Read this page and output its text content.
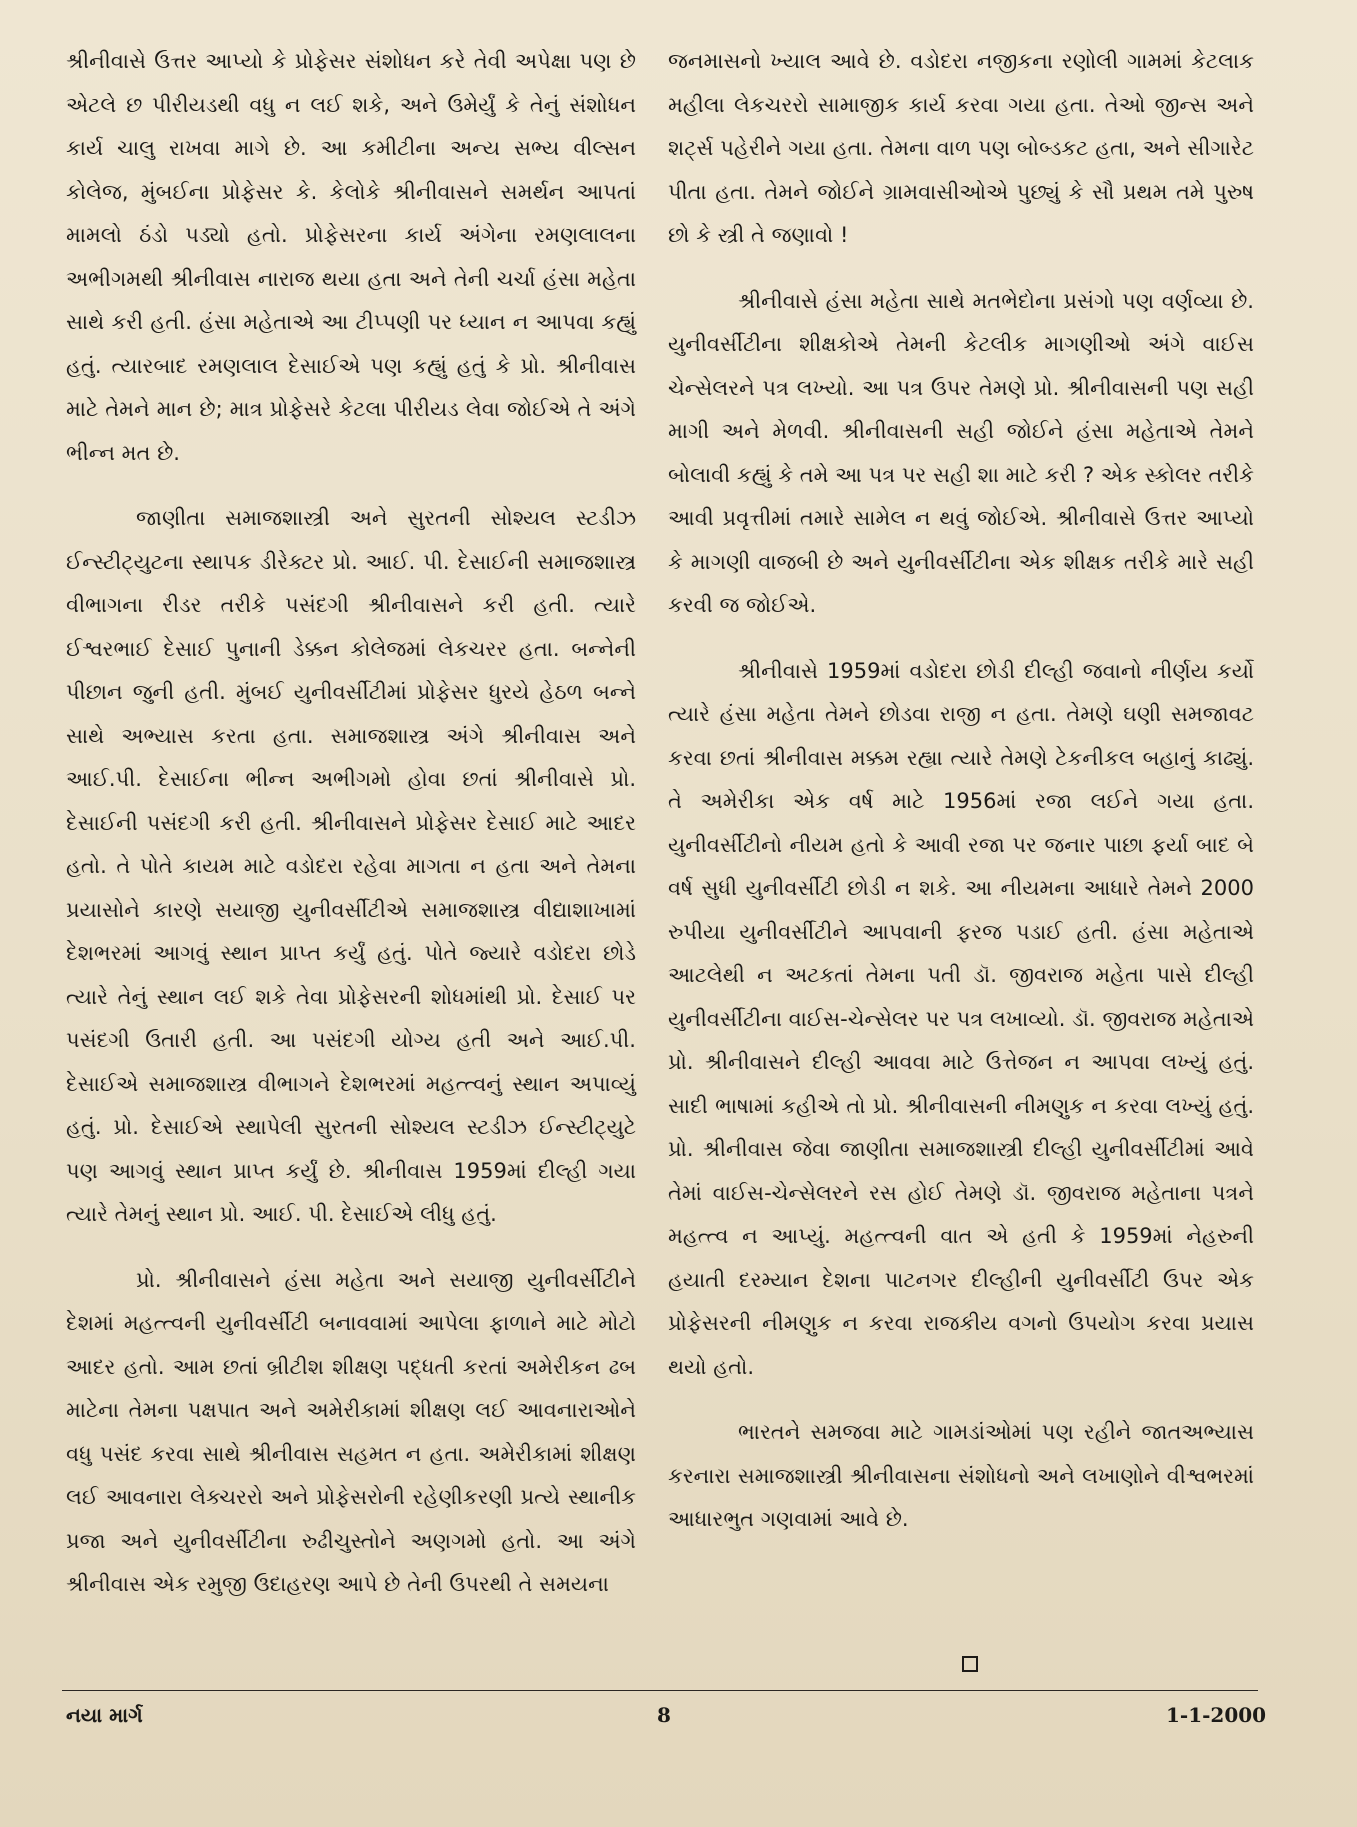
શ્રીનીવાસે ઉત્તર આપ્યો કે પ્રોફેસર સંશોધન કરે તેવી અપેક્ષા પણ છે એટલે છ પીરીયડથી વધુ ન લઈ શકે, અને ઉમેર્યું કે તેનું સંશોધન કાર્ય ચાલુ રાખવા માગે છે. આ કમીટીના અન્ય સભ્ય વીલ્સન કોલેજ, મુંબઈના પ્રોફેસર કે. કેલોકે શ્રીનીવાસને સમર્થન આપતાં મામલો ઠંડો પડ્યો હતો. પ્રોફેસરના કાર્ય અંગેના રમણલાલના અભીગમથી શ્રીનીવાસ નારાજ થયા હતા અને તેની ચર્ચા હંસા મહેતા સાથે કરી હતી. હંસા મહેતાએ આ ટીપ્પણી પર ધ્યાન ન આપવા કહ્યું હતું. ત્યારબાદ રમણલાલ દેસાઈએ પણ કહ્યું હતું કે પ્રો. શ્રીનીવાસ માટે તેમને માન છે; માત્ર પ્રોફેસરે કેટલા પીરીયડ લેવા જોઈએ તે અંગે ભીન્ન મત છે.

જાણીતા સમાજશાસ્ત્રી અને સુરતની સોશ્યલ સ્ટડીઝ ઈન્સ્ટીટ્યુટના સ્થાપક ડીરેક્ટર પ્રો. આઈ. પી. દેસાઈની સમાજશાસ્ત્ર વીભાગના રીડર તરીકે પસંદગી શ્રીનીવાસને કરી હતી. ત્યારે ઈશ્વરભાઈ દેસાઈ પુનાની ડેક્કન કોલેજમાં લેકચરર હતા. બન્નેની પીછાન જુની હતી. મુંબઈ યુનીવર્સીટીમાં પ્રોફેસર ધુરયે હેઠળ બન્ને સાથે અભ્યાસ કરતા હતા. સમાજશાસ્ત્ર અંગે શ્રીનીવાસ અને આઈ.પી. દેસાઈના ભીન્ન અભીગમો હોવા છતાં શ્રીનીવાસે પ્રો. દેસાઈની પસંદગી કરી હતી. શ્રીનીવાસને પ્રોફેસર દેસાઈ માટે આદર હતો. તે પોતે કાયમ માટે વડોદરા રહેવા માગતા ન હતા અને તેમના પ્રયાસોને કારણે સયાજી યુનીવર્સીટીએ સમાજશાસ્ત્ર વીદ્યાશાખામાં દેશભરમાં આગવું સ્થાન પ્રાપ્ત કર્યું હતું. પોતે જ્યારે વડોદરા છોડે ત્યારે તેનું સ્થાન લઈ શકે તેવા પ્રોફેસરની શોધમાંથી પ્રો. દેસાઈ પર પસંદગી ઉતારી હતી. આ પસંદગી યોગ્ય હતી અને આઈ.પી. દેસાઈએ સમાજશાસ્ત્ર વીભાગને દેશભરમાં મહત્ત્વનું સ્થાન અપાવ્યું હતું. પ્રો. દેસાઈએ સ્થાપેલી સુરતની સોશ્યલ સ્ટડીઝ ઈન્સ્ટીટ્યુટે પણ આગવું સ્થાન પ્રાપ્ત કર્યું છે. શ્રીનીવાસ 1959માં દીલ્હી ગયા ત્યારે તેમનું સ્થાન પ્રો. આઈ. પી. દેસાઈએ લીધુ હતું.

પ્રો. શ્રીનીવાસને હંસા મહેતા અને સયાજી યુનીવર્સીટીને દેશમાં મહત્ત્વની યુનીવર્સીટી બનાવવામાં આપેલા ફાળાને માટે મોટો આદર હતો. આમ છતાં બ્રીટીશ શીક્ષણ પદ્ધતી કરતાં અમેરીકન ઢબ માટેના તેમના પક્ષપાત અને અમેરીકામાં શીક્ષણ લઈ આવનારાઓને વધુ પસંદ કરવા સાથે શ્રીનીવાસ સહમત ન હતા. અમેરીકામાં શીક્ષણ લઈ આવનારા લેક્ચરરો અને પ્રોફેસરોની રહેણીકરણી પ્રત્યે સ્થાનીક પ્રજા અને યુનીવર્સીટીના રુઢીચુસ્તોને અણગમો હતો. આ અંગે શ્રીનીવાસ એક રમુજી ઉદાહરણ આપે છે તેની ઉપરથી તે સમયના

જનમાસનો ખ્યાલ આવે છે. વડોદરા નજીકના રણોલી ગામમાં કેટલાક મહીલા લેકચરરો સામાજીક કાર્ય કરવા ગયા હતા. તેઓ જીન્સ અને શર્ટ્સ પહેરીને ગયા હતા. તેમના વાળ પણ બોબ્ડકટ હતા, અને સીગારેટ પીતા હતા. તેમને જોઈને ગ્રામવાસીઓએ પુછ્યું કે સૌ પ્રથમ તમે પુરુષ છો કે સ્ત્રી તે જણાવો !

શ્રીનીવાસે હંસા મહેતા સાથે મતભેદોના પ્રસંગો પણ વર્ણવ્યા છે. યુનીવર્સીટીના શીક્ષકોએ તેમની કેટલીક માગણીઓ અંગે વાઈસ ચેન્સેલરને પત્ર લખ્યો. આ પત્ર ઉપર તેમણે પ્રો. શ્રીનીવાસની પણ સહી માગી અને મેળવી. શ્રીનીવાસની સહી જોઈને હંસા મહેતાએ તેમને બોલાવી કહ્યું કે તમે આ પત્ર પર સહી શા માટે કરી ? એક સ્કોલર તરીકે આવી પ્રવૃત્તીમાં તમારે સામેલ ન થવું જોઈએ. શ્રીનીવાસે ઉત્તર આપ્યો કે માગણી વાજબી છે અને યુનીવર્સીટીના એક શીક્ષક તરીકે મારે સહી કરવી જ જોઈએ.

શ્રીનીવાસે 1959માં વડોદરા છોડી દીલ્હી જવાનો નીર્ણય કર્યો ત્યારે હંસા મહેતા તેમને છોડવા રાજી ન હતા. તેમણે ઘણી સમજાવટ કરવા છતાં શ્રીનીવાસ મક્કમ રહ્યા ત્યારે તેમણે ટેકનીકલ બહાનું કાઢ્યું. તે અમેરીકા એક વર્ષ માટે 1956માં રજા લઈને ગયા હતા. યુનીવર્સીટીનો નીયમ હતો કે આવી રજા પર જનાર પાછા ફર્યા બાદ બે વર્ષ સુધી યુનીવર્સીટી છોડી ન શકે. આ નીયમના આધારે તેમને 2000 રુપીયા યુનીવર્સીટીને આપવાની ફરજ પડાઈ હતી. હંસા મહેતાએ આટલેથી ન અટકતાં તેમના પતી ડૉ. જીવરાજ મહેતા પાસે દીલ્હી યુનીવર્સીટીના વાઈસ-ચેન્સેલર પર પત્ર લખાવ્યો. ડૉ. જીવરાજ મહેતાએ પ્રો. શ્રીનીવાસને દીલ્હી આવવા માટે ઉત્તેજન ન આપવા લખ્યું હતું. સાદી ભાષામાં કહીએ તો પ્રો. શ્રીનીવાસની નીમણુક ન કરવા લખ્યું હતું. પ્રો. શ્રીનીવાસ જેવા જાણીતા સમાજશાસ્ત્રી દીલ્હી યુનીવર્સીટીમાં આવે તેમાં વાઈસ-ચેન્સેલરને રસ હોઈ તેમણે ડૉ. જીવરાજ મહેતાના પત્રને મહત્ત્વ ન આપ્યું. મહત્ત્વની વાત એ હતી કે 1959માં નેહરુની હયાતી દરમ્યાન દેશના પાટનગર દીલ્હીની યુનીવર્સીટી ઉપર એક પ્રોફેસરની નીમણુક ન કરવા રાજકીય વગનો ઉપયોગ કરવા પ્રયાસ થયો હતો.

ભારતને સમજવા માટે ગામડાંઓમાં પણ રહીને જાતઅભ્યાસ કરનારા સમાજશાસ્ત્રી શ્રીનીવાસના સંશોધનો અને લખાણોને વીશ્વભરમાં આધારભુત ગણવામાં આવે છે.

નયા માર્ગ	8	1-1-2000
